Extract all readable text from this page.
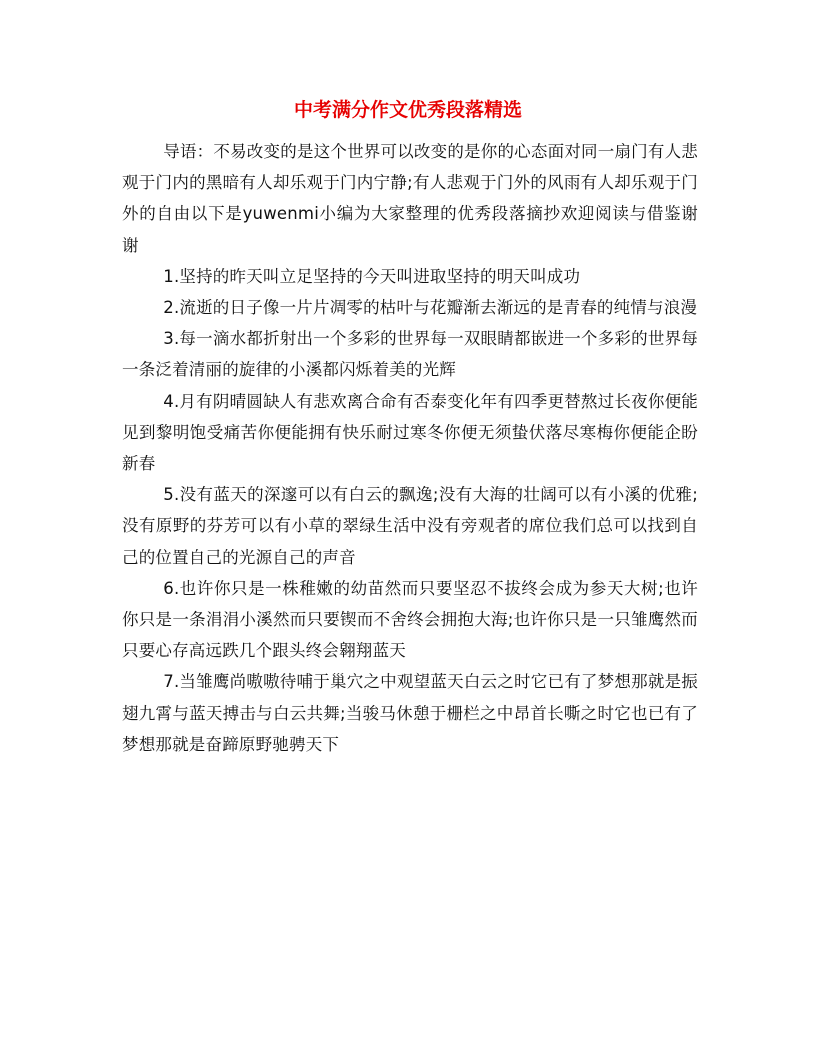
中考满分作文优秀段落精选

导语：不易改变的是这个世界可以改变的是你的心态面对同一扇门有人悲观于门内的黑暗有人却乐观于门内宁静;有人悲观于门外的风雨有人却乐观于门外的自由以下是yuwenmi小编为大家整理的优秀段落摘抄欢迎阅读与借鉴谢谢

1.坚持的昨天叫立足坚持的今天叫进取坚持的明天叫成功

2.流逝的日子像一片片凋零的枯叶与花瓣渐去渐远的是青春的纯情与浪漫

3.每一滴水都折射出一个多彩的世界每一双眼睛都嵌进一个多彩的世界每一条泛着清丽的旋律的小溪都闪烁着美的光辉

4.月有阴晴圆缺人有悲欢离合命有否泰变化年有四季更替熬过长夜你便能见到黎明饱受痛苦你便能拥有快乐耐过寒冬你便无须蛰伏落尽寒梅你便能企盼新春

5.没有蓝天的深邃可以有白云的飘逸;没有大海的壮阔可以有小溪的优雅;没有原野的芬芳可以有小草的翠绿生活中没有旁观者的席位我们总可以找到自己的位置自己的光源自己的声音

6.也许你只是一株稚嫩的幼苗然而只要坚忍不拔终会成为参天大树;也许你只是一条涓涓小溪然而只要锲而不舍终会拥抱大海;也许你只是一只雏鹰然而只要心存高远跌几个跟头终会翱翔蓝天

7.当雏鹰尚嗷嗷待哺于巢穴之中观望蓝天白云之时它已有了梦想那就是振翅九霄与蓝天搏击与白云共舞;当骏马休憩于栅栏之中昂首长嘶之时它也已有了梦想那就是奋蹄原野驰骋天下
